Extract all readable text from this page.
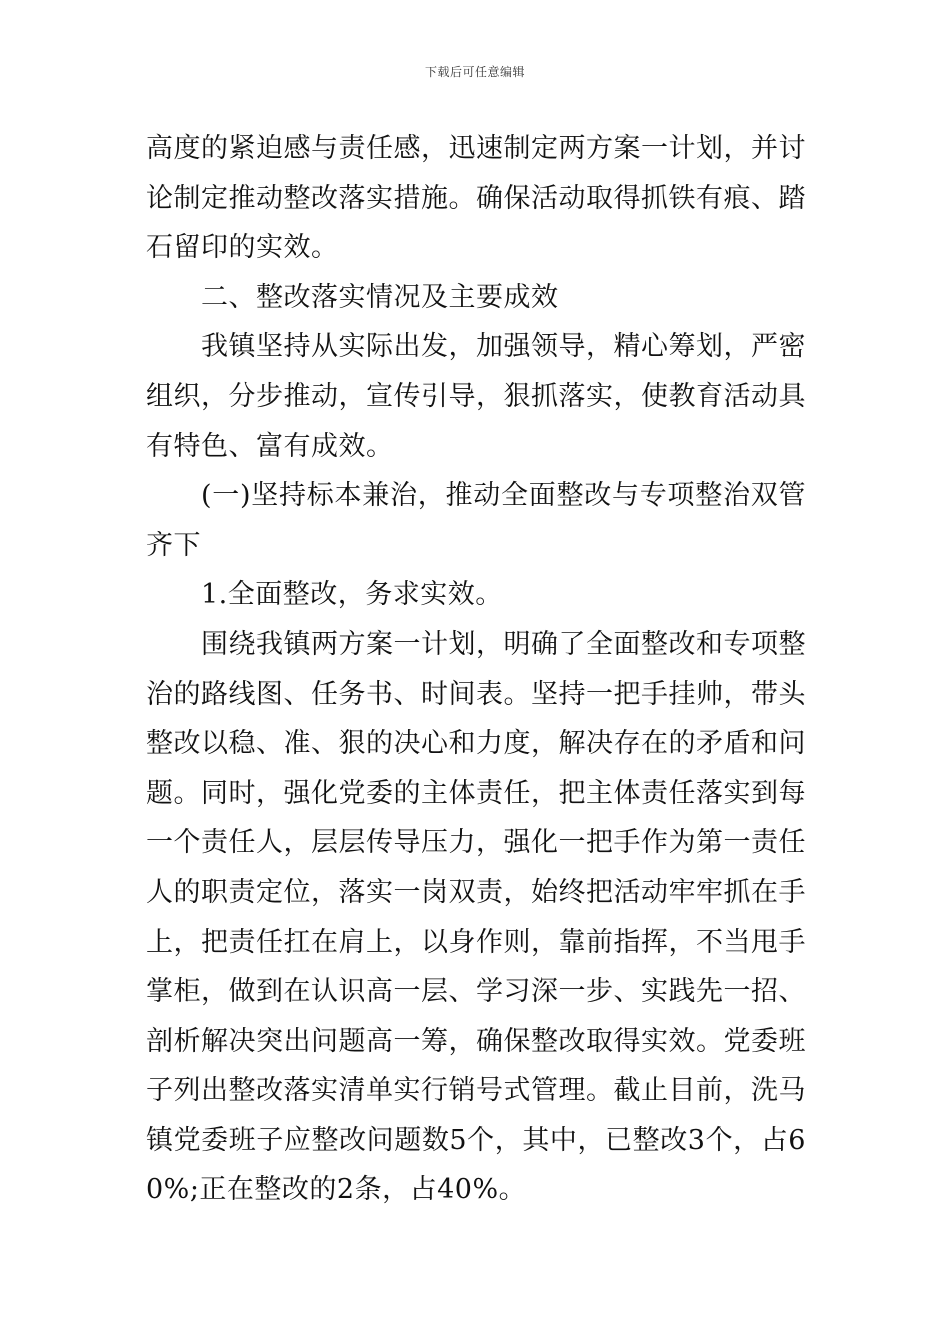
下载后可任意编辑

高度的紧迫感与责任感，迅速制定两方案一计划，并讨论制定推动整改落实措施。确保活动取得抓铁有痕、踏石留印的实效。

二、整改落实情况及主要成效

我镇坚持从实际出发，加强领导，精心筹划，严密组织，分步推动，宣传引导，狠抓落实，使教育活动具有特色、富有成效。

(一)坚持标本兼治，推动全面整改与专项整治双管齐下

1.全面整改，务求实效。

围绕我镇两方案一计划，明确了全面整改和专项整治的路线图、任务书、时间表。坚持一把手挂帅，带头整改以稳、准、狠的决心和力度，解决存在的矛盾和问题。同时，强化党委的主体责任，把主体责任落实到每一个责任人，层层传导压力，强化一把手作为第一责任人的职责定位，落实一岗双责，始终把活动牢牢抓在手上，把责任扛在肩上，以身作则，靠前指挥，不当甩手掌柜，做到在认识高一层、学习深一步、实践先一招、剖析解决突出问题高一筹，确保整改取得实效。党委班子列出整改落实清单实行销号式管理。截止目前，洗马镇党委班子应整改问题数5个，其中，已整改3个，占60%;正在整改的2条，占40%。
